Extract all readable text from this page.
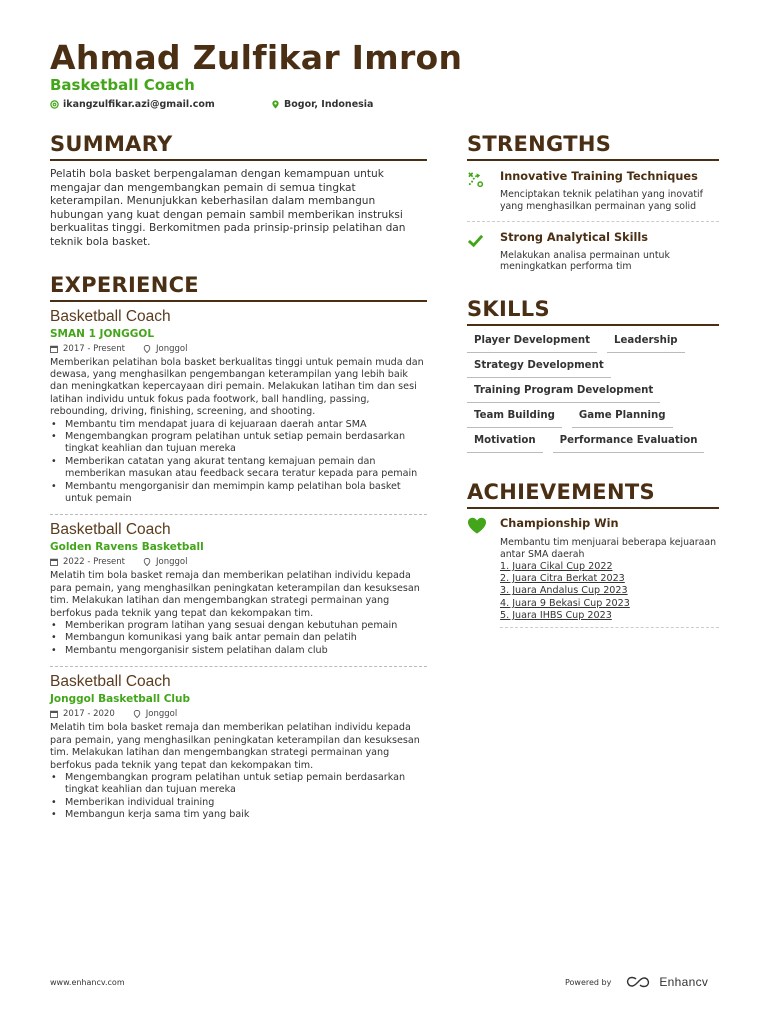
Ahmad Zulfikar Imron
Basketball Coach
ikangzulfikar.azi@gmail.com	Bogor, Indonesia
SUMMARY
Pelatih bola basket berpengalaman dengan kemampuan untuk mengajar dan mengembangkan pemain di semua tingkat keterampilan. Menunjukkan keberhasilan dalam membangun hubungan yang kuat dengan pemain sambil memberikan instruksi berkualitas tinggi. Berkomitmen pada prinsip-prinsip pelatihan dan teknik bola basket.
EXPERIENCE
Basketball Coach
SMAN 1 JONGGOL
2017 - Present	Jonggol
Memberikan pelatihan bola basket berkualitas tinggi untuk pemain muda dan dewasa, yang menghasilkan pengembangan keterampilan yang lebih baik dan meningkatkan kepercayaan diri pemain. Melakukan latihan tim dan sesi latihan individu untuk fokus pada footwork, ball handling, passing, rebounding, driving, finishing, screening, and shooting.
• Membantu tim mendapat juara di kejuaraan daerah antar SMA
• Mengembangkan program pelatihan untuk setiap pemain berdasarkan tingkat keahlian dan tujuan mereka
• Memberikan catatan yang akurat tentang kemajuan pemain dan memberikan masukan atau feedback secara teratur kepada para pemain
• Membantu mengorganisir dan memimpin kamp pelatihan bola basket untuk pemain
Basketball Coach
Golden Ravens Basketball
2022 - Present	Jonggol
Melatih tim bola basket remaja dan memberikan pelatihan individu kepada para pemain, yang menghasilkan peningkatan keterampilan dan kesuksesan tim. Melakukan latihan dan mengembangkan strategi permainan yang berfokus pada teknik yang tepat dan kekompakan tim.
• Memberikan program latihan yang sesuai dengan kebutuhan pemain
• Membangun komunikasi yang baik antar pemain dan pelatih
• Membantu mengorganisir sistem pelatihan dalam club
Basketball Coach
Jonggol Basketball Club
2017 - 2020	Jonggol
Melatih tim bola basket remaja dan memberikan pelatihan individu kepada para pemain, yang menghasilkan peningkatan keterampilan dan kesuksesan tim. Melakukan latihan dan mengembangkan strategi permainan yang berfokus pada teknik yang tepat dan kekompakan tim.
• Mengembangkan program pelatihan untuk setiap pemain berdasarkan tingkat keahlian dan tujuan mereka
• Memberikan individual training
• Membangun kerja sama tim yang baik
STRENGTHS
Innovative Training Techniques
Menciptakan teknik pelatihan yang inovatif yang menghasilkan permainan yang solid
Strong Analytical Skills
Melakukan analisa permainan untuk meningkatkan performa tim
SKILLS
Player Development	Leadership
Strategy Development
Training Program Development
Team Building	Game Planning
Motivation	Performance Evaluation
ACHIEVEMENTS
Championship Win
Membantu tim menjuarai beberapa kejuaraan antar SMA daerah
1. Juara Cikal Cup 2022
2. Juara Citra Berkat 2023
3. Juara Andalus Cup 2023
4. Juara 9 Bekasi Cup 2023
5. Juara IHBS Cup 2023
www.enhancv.com	Powered by	Enhancv
